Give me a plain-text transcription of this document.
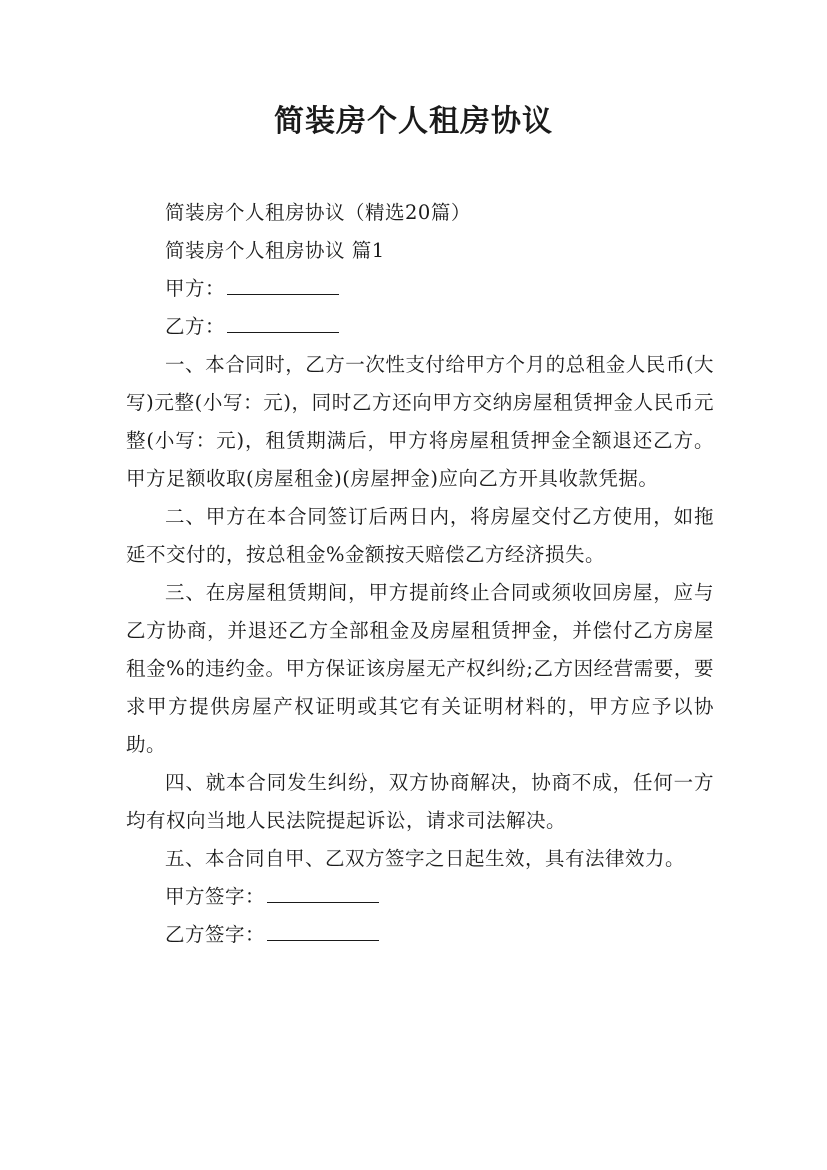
简装房个人租房协议

简装房个人租房协议（精选20篇）

简装房个人租房协议 篇1

甲方：

乙方：

一、本合同时，乙方一次性支付给甲方个月的总租金人民币(大写)元整(小写：元)，同时乙方还向甲方交纳房屋租赁押金人民币元整(小写：元)，租赁期满后，甲方将房屋租赁押金全额退还乙方。甲方足额收取(房屋租金)(房屋押金)应向乙方开具收款凭据。

二、甲方在本合同签订后两日内，将房屋交付乙方使用，如拖延不交付的，按总租金%金额按天赔偿乙方经济损失。

三、在房屋租赁期间，甲方提前终止合同或须收回房屋，应与乙方协商，并退还乙方全部租金及房屋租赁押金，并偿付乙方房屋租金%的违约金。甲方保证该房屋无产权纠纷;乙方因经营需要，要求甲方提供房屋产权证明或其它有关证明材料的，甲方应予以协助。

四、就本合同发生纠纷，双方协商解决，协商不成，任何一方均有权向当地人民法院提起诉讼，请求司法解决。

五、本合同自甲、乙双方签字之日起生效，具有法律效力。

甲方签字：

乙方签字：
